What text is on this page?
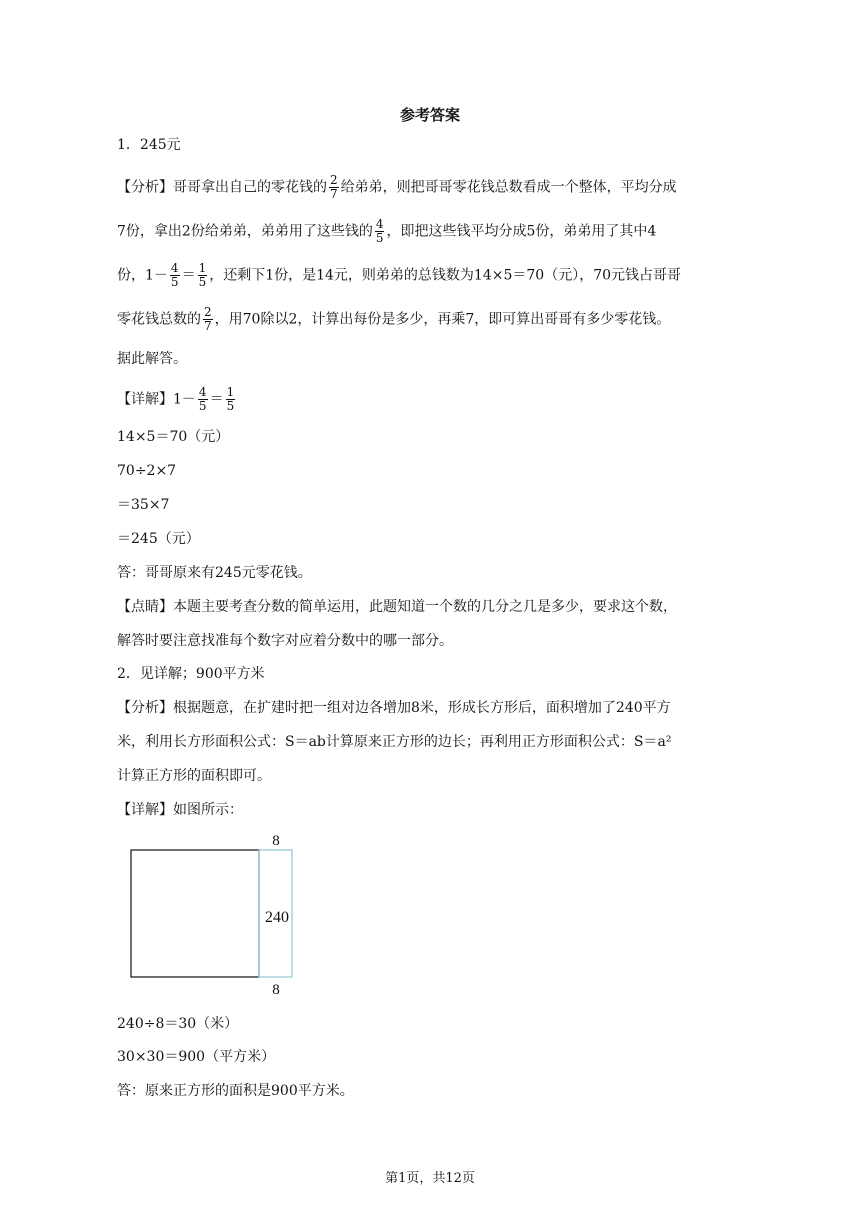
参考答案
1．245元
【分析】哥哥拿出自己的零花钱的 $\frac{2}{7}$ 给弟弟，则把哥哥零花钱总数看成一个整体，平均分成
7份，拿出2份给弟弟，弟弟用了这些钱的 $\frac{4}{5}$ ，即把这些钱平均分成5份，弟弟用了其中4
份，$1- \frac{4}{5} = \frac{1}{5}$ ，还剩下1份，是14元，则弟弟的总钱数为14×5＝70（元），70元钱占哥哥
零花钱总数的 $\frac{2}{7}$ ，用70除以2，计算出每份是多少，再乘7，即可算出哥哥有多少零花钱。
据此解答。
【详解】$1- \frac{4}{5} = \frac{1}{5}$
14×5＝70（元）
70÷2×7
＝35×7
＝245（元）
答：哥哥原来有245元零花钱。
【点睛】本题主要考查分数的简单运用，此题知道一个数的几分之几是多少，要求这个数，
解答时要注意找准每个数字对应着分数中的哪一部分。
2．见详解；900平方米
【分析】根据题意，在扩建时把一组对边各增加8米，形成长方形后，面积增加了240平方
米，利用长方形面积公式：S＝ab计算原来正方形的边长；再利用正方形面积公式：S＝a²
计算正方形的面积即可。
【详解】如图所示：
8
240
8
240÷8＝30（米）
30×30＝900（平方米）
答：原来正方形的面积是900平方米。
第1页，共12页
